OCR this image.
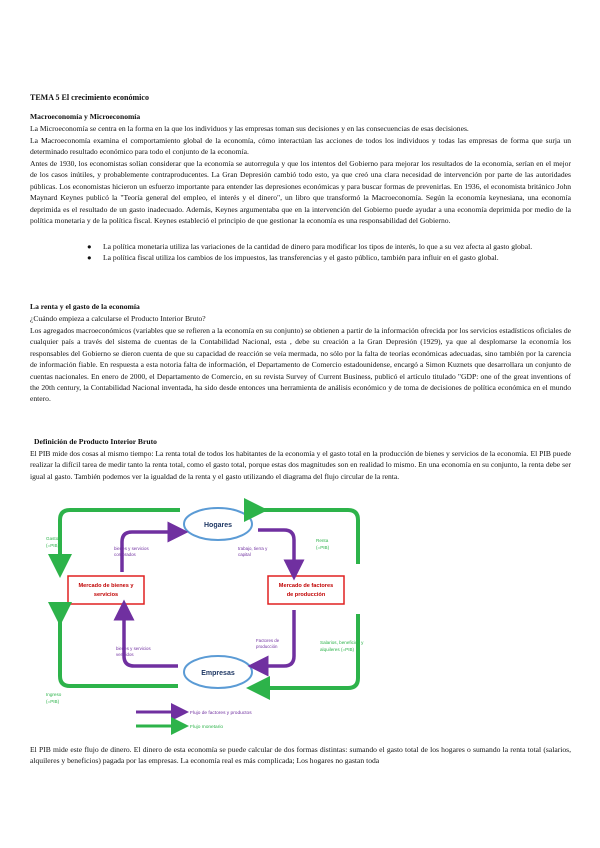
TEMA 5 El crecimiento económico
Macroeconomía y Microeconomía
La Microeconomía se centra en la forma en la que los individuos y las empresas toman sus decisiones y en las consecuencias de esas decisiones.
La Macroeconomía examina el comportamiento global de la economía, cómo interactúan las acciones de todos los individuos y todas las empresas de forma que surja un determinado resultado económico para todo el conjunto de la economía.
Antes de 1930, los economistas solían considerar que la economía se autorregula y que los intentos del Gobierno para mejorar los resultados de la economía, serían en el mejor de los casos inútiles, y probablemente contraproducentes. La Gran Depresión cambió todo esto, ya que creó una clara necesidad de intervención por parte de las autoridades públicas. Los economistas hicieron un esfuerzo importante para entender las depresiones económicas y para buscar formas de prevenirlas. En 1936, el economista británico John Maynard Keynes publicó la "Teoría general del empleo, el interés y el dinero", un libro que transformó la Macroeconomía. Según la economía keynesiana, una economía deprimida es el resultado de un gasto inadecuado. Además, Keynes argumentaba que en la intervención del Gobierno puede ayudar a una economía deprimida por medio de la política monetaria y de la política fiscal. Keynes estableció el principio de que gestionar la economía es una responsabilidad del Gobierno.
● La política monetaria utiliza las variaciones de la cantidad de dinero para modificar los tipos de interés, lo que a su vez afecta al gasto global.
● La política fiscal utiliza los cambios de los impuestos, las transferencias y el gasto público, también para influir en el gasto global.
La renta y el gasto de la economía
¿Cuándo empieza a calcularse el Producto Interior Bruto?
Los agregados macroeconómicos (variables que se refieren a la economía en su conjunto) se obtienen a partir de la información ofrecida por los servicios estadísticos oficiales de cualquier país a través del sistema de cuentas de la Contabilidad Nacional, esta , debe su creación a la Gran Depresión (1929), ya que al desplomarse la economía los responsables del Gobierno se dieron cuenta de que su capacidad de reacción se veía mermada, no sólo por la falta de teorías económicas adecuadas, sino también por la carencia de información fiable. En respuesta a esta notoria falta de información, el Departamento de Comercio estadounidense, encargó a Simon Kuznets que desarrollara un conjunto de cuentas nacionales. En enero de 2000, el Departamento de Comercio, en su revista Survey of Current Business, publicó el artículo titulado "GDP: one of the great inventions of the 20th century, la Contabilidad Nacional inventada, ha sido desde entonces una herramienta de análisis económico y de toma de decisiones de política económica en el mundo entero.
Definición de Producto Interior Bruto
El PIB mide dos cosas al mismo tiempo: La renta total de todos los habitantes de la economía y el gasto total en la producción de bienes y servicios de la economía. El PIB puede realizar la difícil tarea de medir tanto la renta total, como el gasto total, porque estas dos magnitudes son en realidad lo mismo. En una economía en su conjunto, la renta debe ser igual al gasto. También podemos ver la igualdad de la renta y el gasto utilizando el diagrama del flujo circular de la renta.
Hogares
Empresas
Mercado de bienes y
servicios
Mercado de factores
de producción
Gasto
(=PIB)
bienes y servicios
comprados
trabajo, tierra y
capital
Renta
(=PIB)
bienes y servicios
vendidos
Factores de
producción
Salarios, beneficios y
alquileres (=PIB)
Ingreso
(=PIB)
Flujo de factores y productos
Flujo monetario
El PIB mide este flujo de dinero. El dinero de esta economía se puede calcular de dos formas distintas: sumando el gasto total de los hogares o sumando la renta total (salarios, alquileres y beneficios) pagada por las empresas. La economía real es más complicada; Los hogares no gastan toda
